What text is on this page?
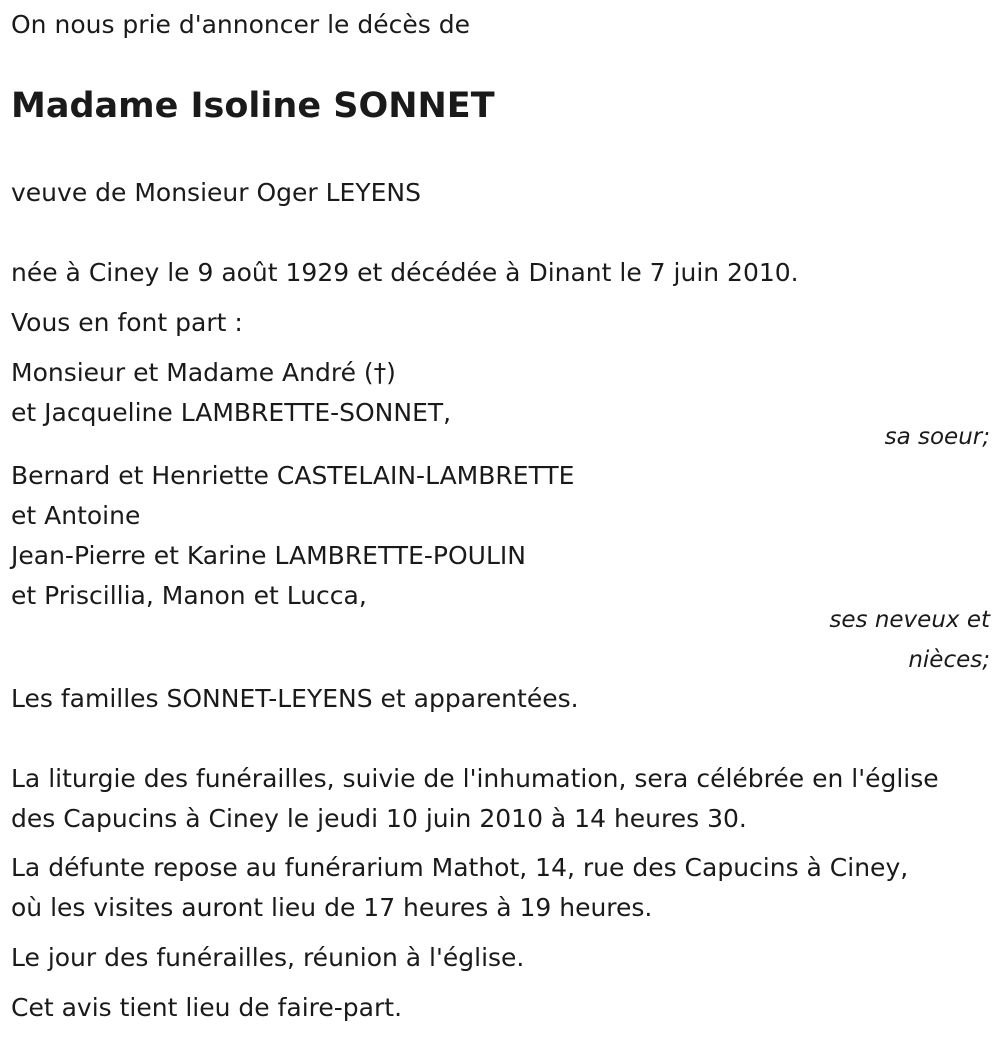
On nous prie d'annoncer le décès de
Madame Isoline SONNET
veuve de Monsieur Oger LEYENS
née à Ciney le 9 août 1929 et décédée à Dinant le 7 juin 2010.
Vous en font part :
Monsieur et Madame André (†)
et Jacqueline LAMBRETTE-SONNET,
sa soeur;
Bernard et Henriette CASTELAIN-LAMBRETTE
et Antoine
Jean-Pierre et Karine LAMBRETTE-POULIN
et Priscillia, Manon et Lucca,
ses neveux et
nièces;
Les familles SONNET-LEYENS et apparentées.
La liturgie des funérailles, suivie de l'inhumation, sera célébrée en l'église
des Capucins à Ciney le jeudi 10 juin 2010 à 14 heures 30.
La défunte repose au funérarium Mathot, 14, rue des Capucins à Ciney,
où les visites auront lieu de 17 heures à 19 heures.
Le jour des funérailles, réunion à l'église.
Cet avis tient lieu de faire-part.
